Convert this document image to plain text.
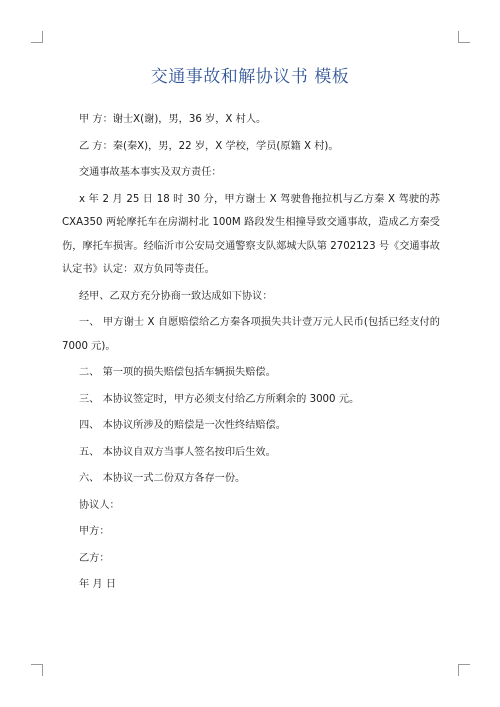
交通事故和解协议书 模板

甲 方：谢士X(谢)，男，36 岁，X 村人。

乙 方：秦(秦X)，男，22 岁，X 学校，学员(原籍 X 村)。

交通事故基本事实及双方责任：

x 年 2 月 25 日 18 时 30 分，甲方谢士 X 驾驶鲁拖拉机与乙方秦 X 驾驶的苏 CXA350 两轮摩托车在房湖村北 100M 路段发生相撞导致交通事故，造成乙方秦受伤，摩托车损害。经临沂市公安局交通警察支队郯城大队第 2702123 号《交通事故认定书》认定：双方负同等责任。

经甲、乙双方充分协商一致达成如下协议：

一、 甲方谢士 X 自愿赔偿给乙方秦各项损失共计壹万元人民币(包括已经支付的 7000 元)。

二、 第一项的损失赔偿包括车辆损失赔偿。

三、 本协议签定时，甲方必须支付给乙方所剩余的 3000 元。

四、 本协议所涉及的赔偿是一次性终结赔偿。

五、 本协议自双方当事人签名按印后生效。

六、 本协议一式二份双方各存一份。

协议人：

甲方：

乙方：

年 月 日
